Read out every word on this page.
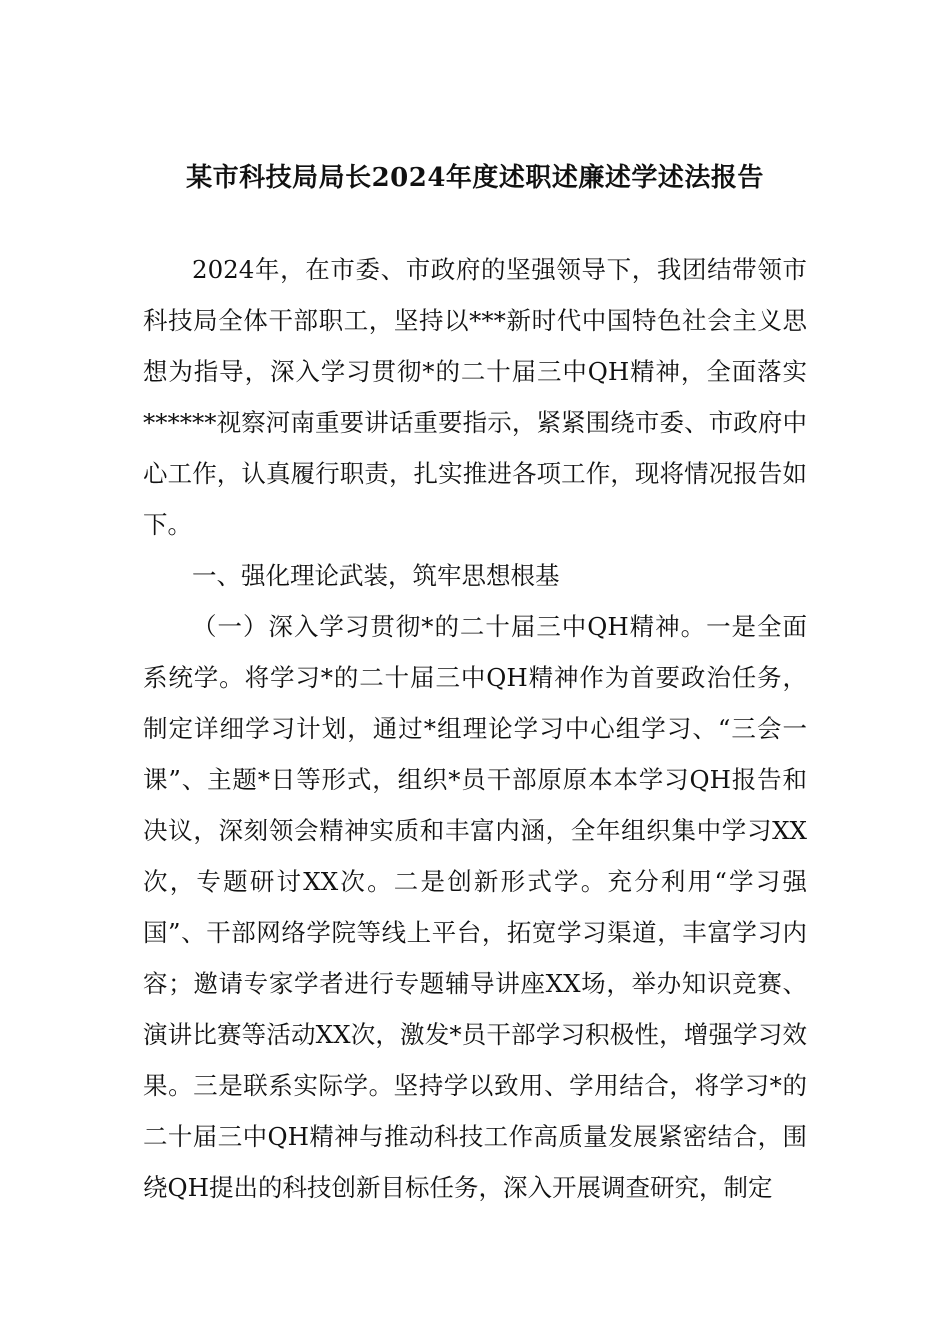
某市科技局局长2024年度述职述廉述学述法报告

2024年，在市委、市政府的坚强领导下，我团结带领市科技局全体干部职工，坚持以***新时代中国特色社会主义思想为指导，深入学习贯彻*的二十届三中QH精神，全面落实******视察河南重要讲话重要指示，紧紧围绕市委、市政府中心工作，认真履行职责，扎实推进各项工作，现将情况报告如下。

一、强化理论武装，筑牢思想根基

（一）深入学习贯彻*的二十届三中QH精神。一是全面系统学。将学习*的二十届三中QH精神作为首要政治任务，制定详细学习计划，通过*组理论学习中心组学习、“三会一课”、主题*日等形式，组织*员干部原原本本学习QH报告和决议，深刻领会精神实质和丰富内涵，全年组织集中学习XX次，专题研讨XX次。二是创新形式学。充分利用“学习强国”、干部网络学院等线上平台，拓宽学习渠道，丰富学习内容；邀请专家学者进行专题辅导讲座XX场，举办知识竞赛、演讲比赛等活动XX次，激发*员干部学习积极性，增强学习效果。三是联系实际学。坚持学以致用、学用结合，将学习*的二十届三中QH精神与推动科技工作高质量发展紧密结合，围绕QH提出的科技创新目标任务，深入开展调查研究，制定
